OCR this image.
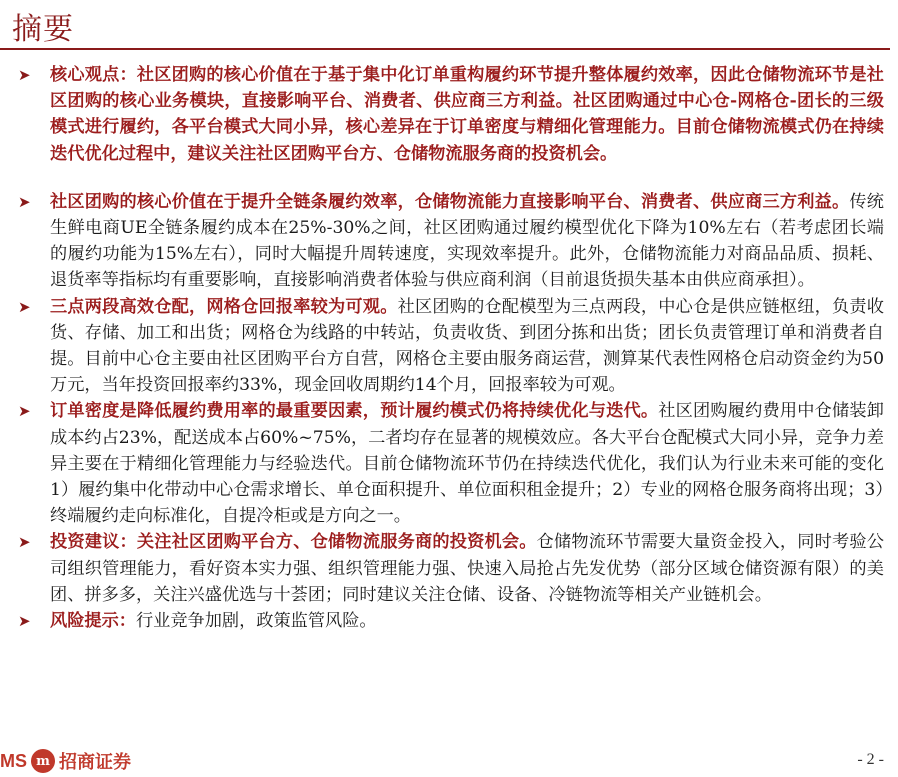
摘要
➤ 核心观点：社区团购的核心价值在于基于集中化订单重构履约环节提升整体履约效率，因此仓储物流环节是社区团购的核心业务模块，直接影响平台、消费者、供应商三方利益。社区团购通过中心仓-网格仓-团长的三级模式进行履约，各平台模式大同小异，核心差异在于订单密度与精细化管理能力。目前仓储物流模式仍在持续迭代优化过程中，建议关注社区团购平台方、仓储物流服务商的投资机会。
➤ 社区团购的核心价值在于提升全链条履约效率，仓储物流能力直接影响平台、消费者、供应商三方利益。传统生鲜电商UE全链条履约成本在25%-30%之间，社区团购通过履约模型优化下降为10%左右（若考虑团长端的履约功能为15%左右），同时大幅提升周转速度，实现效率提升。此外，仓储物流能力对商品品质、损耗、退货率等指标均有重要影响，直接影响消费者体验与供应商利润（目前退货损失基本由供应商承担）。
➤ 三点两段高效仓配，网格仓回报率较为可观。社区团购的仓配模型为三点两段，中心仓是供应链枢纽，负责收货、存储、加工和出货；网格仓为线路的中转站，负责收货、到团分拣和出货；团长负责管理订单和消费者自提。目前中心仓主要由社区团购平台方自营，网格仓主要由服务商运营，测算某代表性网格仓启动资金约为50万元，当年投资回报率约33%，现金回收周期约14个月，回报率较为可观。
➤ 订单密度是降低履约费用率的最重要因素，预计履约模式仍将持续优化与迭代。社区团购履约费用中仓储装卸成本约占23%，配送成本占60%~75%，二者均存在显著的规模效应。各大平台仓配模式大同小异，竞争力差异主要在于精细化管理能力与经验迭代。目前仓储物流环节仍在持续迭代优化，我们认为行业未来可能的变化1）履约集中化带动中心仓需求增长、单仓面积提升、单位面积租金提升；2）专业的网格仓服务商将出现；3）终端履约走向标准化，自提冷柜或是方向之一。
➤ 投资建议：关注社区团购平台方、仓储物流服务商的投资机会。仓储物流环节需要大量资金投入，同时考验公司组织管理能力，看好资本实力强、组织管理能力强、快速入局抢占先发优势（部分区域仓储资源有限）的美团、拼多多，关注兴盛优选与十荟团；同时建议关注仓储、设备、冷链物流等相关产业链机会。
➤ 风险提示：行业竞争加剧，政策监管风险。
MS m 招商证券	- 2 -
